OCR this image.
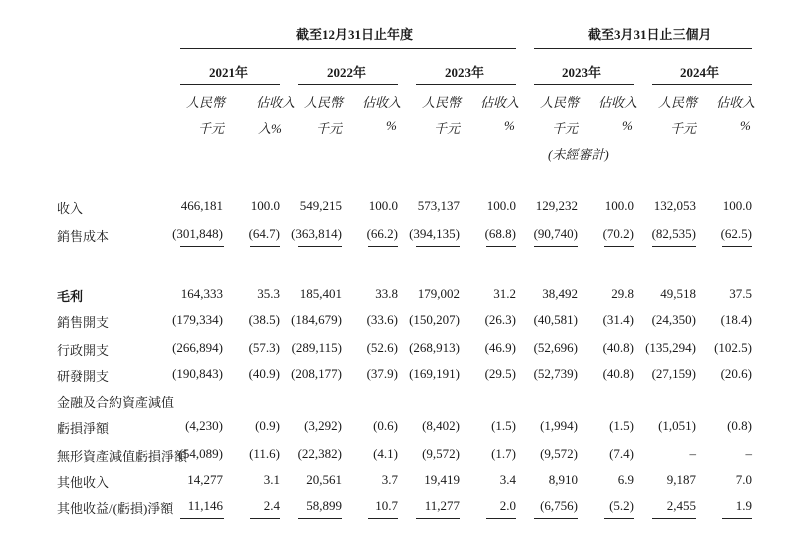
截至12月31日止年度	截至3月31日止三個月
2021年	2022年	2023年	2023年	2024年
人民幣 佔收入 人民幣 佔收入 人民幣 佔收入 人民幣 佔收入 人民幣 佔收入
千元	入%	千元	%	千元	%	千元	%	千元	%
(未經審計)
收入	466,181	100.0	549,215	100.0	573,137	100.0	129,232	100.0	132,053	100.0
銷售成本	(301,848)	(64.7) (363,814)	(66.2) (394,135)	(68.8)	(90,740)	(70.2)	(82,535)	(62.5)
毛利	164,333	35.3	185,401	33.8	179,002	31.2	38,492	29.8	49,518	37.5
銷售開支	(179,334)	(38.5) (184,679)	(33.6) (150,207)	(26.3)	(40,581)	(31.4)	(24,350)	(18.4)
行政開支	(266,894)	(57.3) (289,115)	(52.6) (268,913)	(46.9)	(52,696)	(40.8) (135,294)	(102.5)
研發開支	(190,843)	(40.9) (208,177)	(37.9) (169,191)	(29.5)	(52,739)	(40.8)	(27,159)	(20.6)
金融及合約資產減值
虧損淨額	(4,230)	(0.9)	(3,292)	(0.6)	(8,402)	(1.5)	(1,994)	(1.5)	(1,051)	(0.8)
無形資產減值虧損淨額
(54,089)	(11.6)	(22,382)	(4.1)	(9,572)	(1.7)	(9,572)	(7.4)	–	–
其他收入	14,277	3.1	20,561	3.7	19,419	3.4	8,910	6.9	9,187	7.0
其他收益/(虧損)淨額	11,146	2.4	58,899	10.7	11,277	2.0	(6,756)	(5.2)	2,455	1.9
